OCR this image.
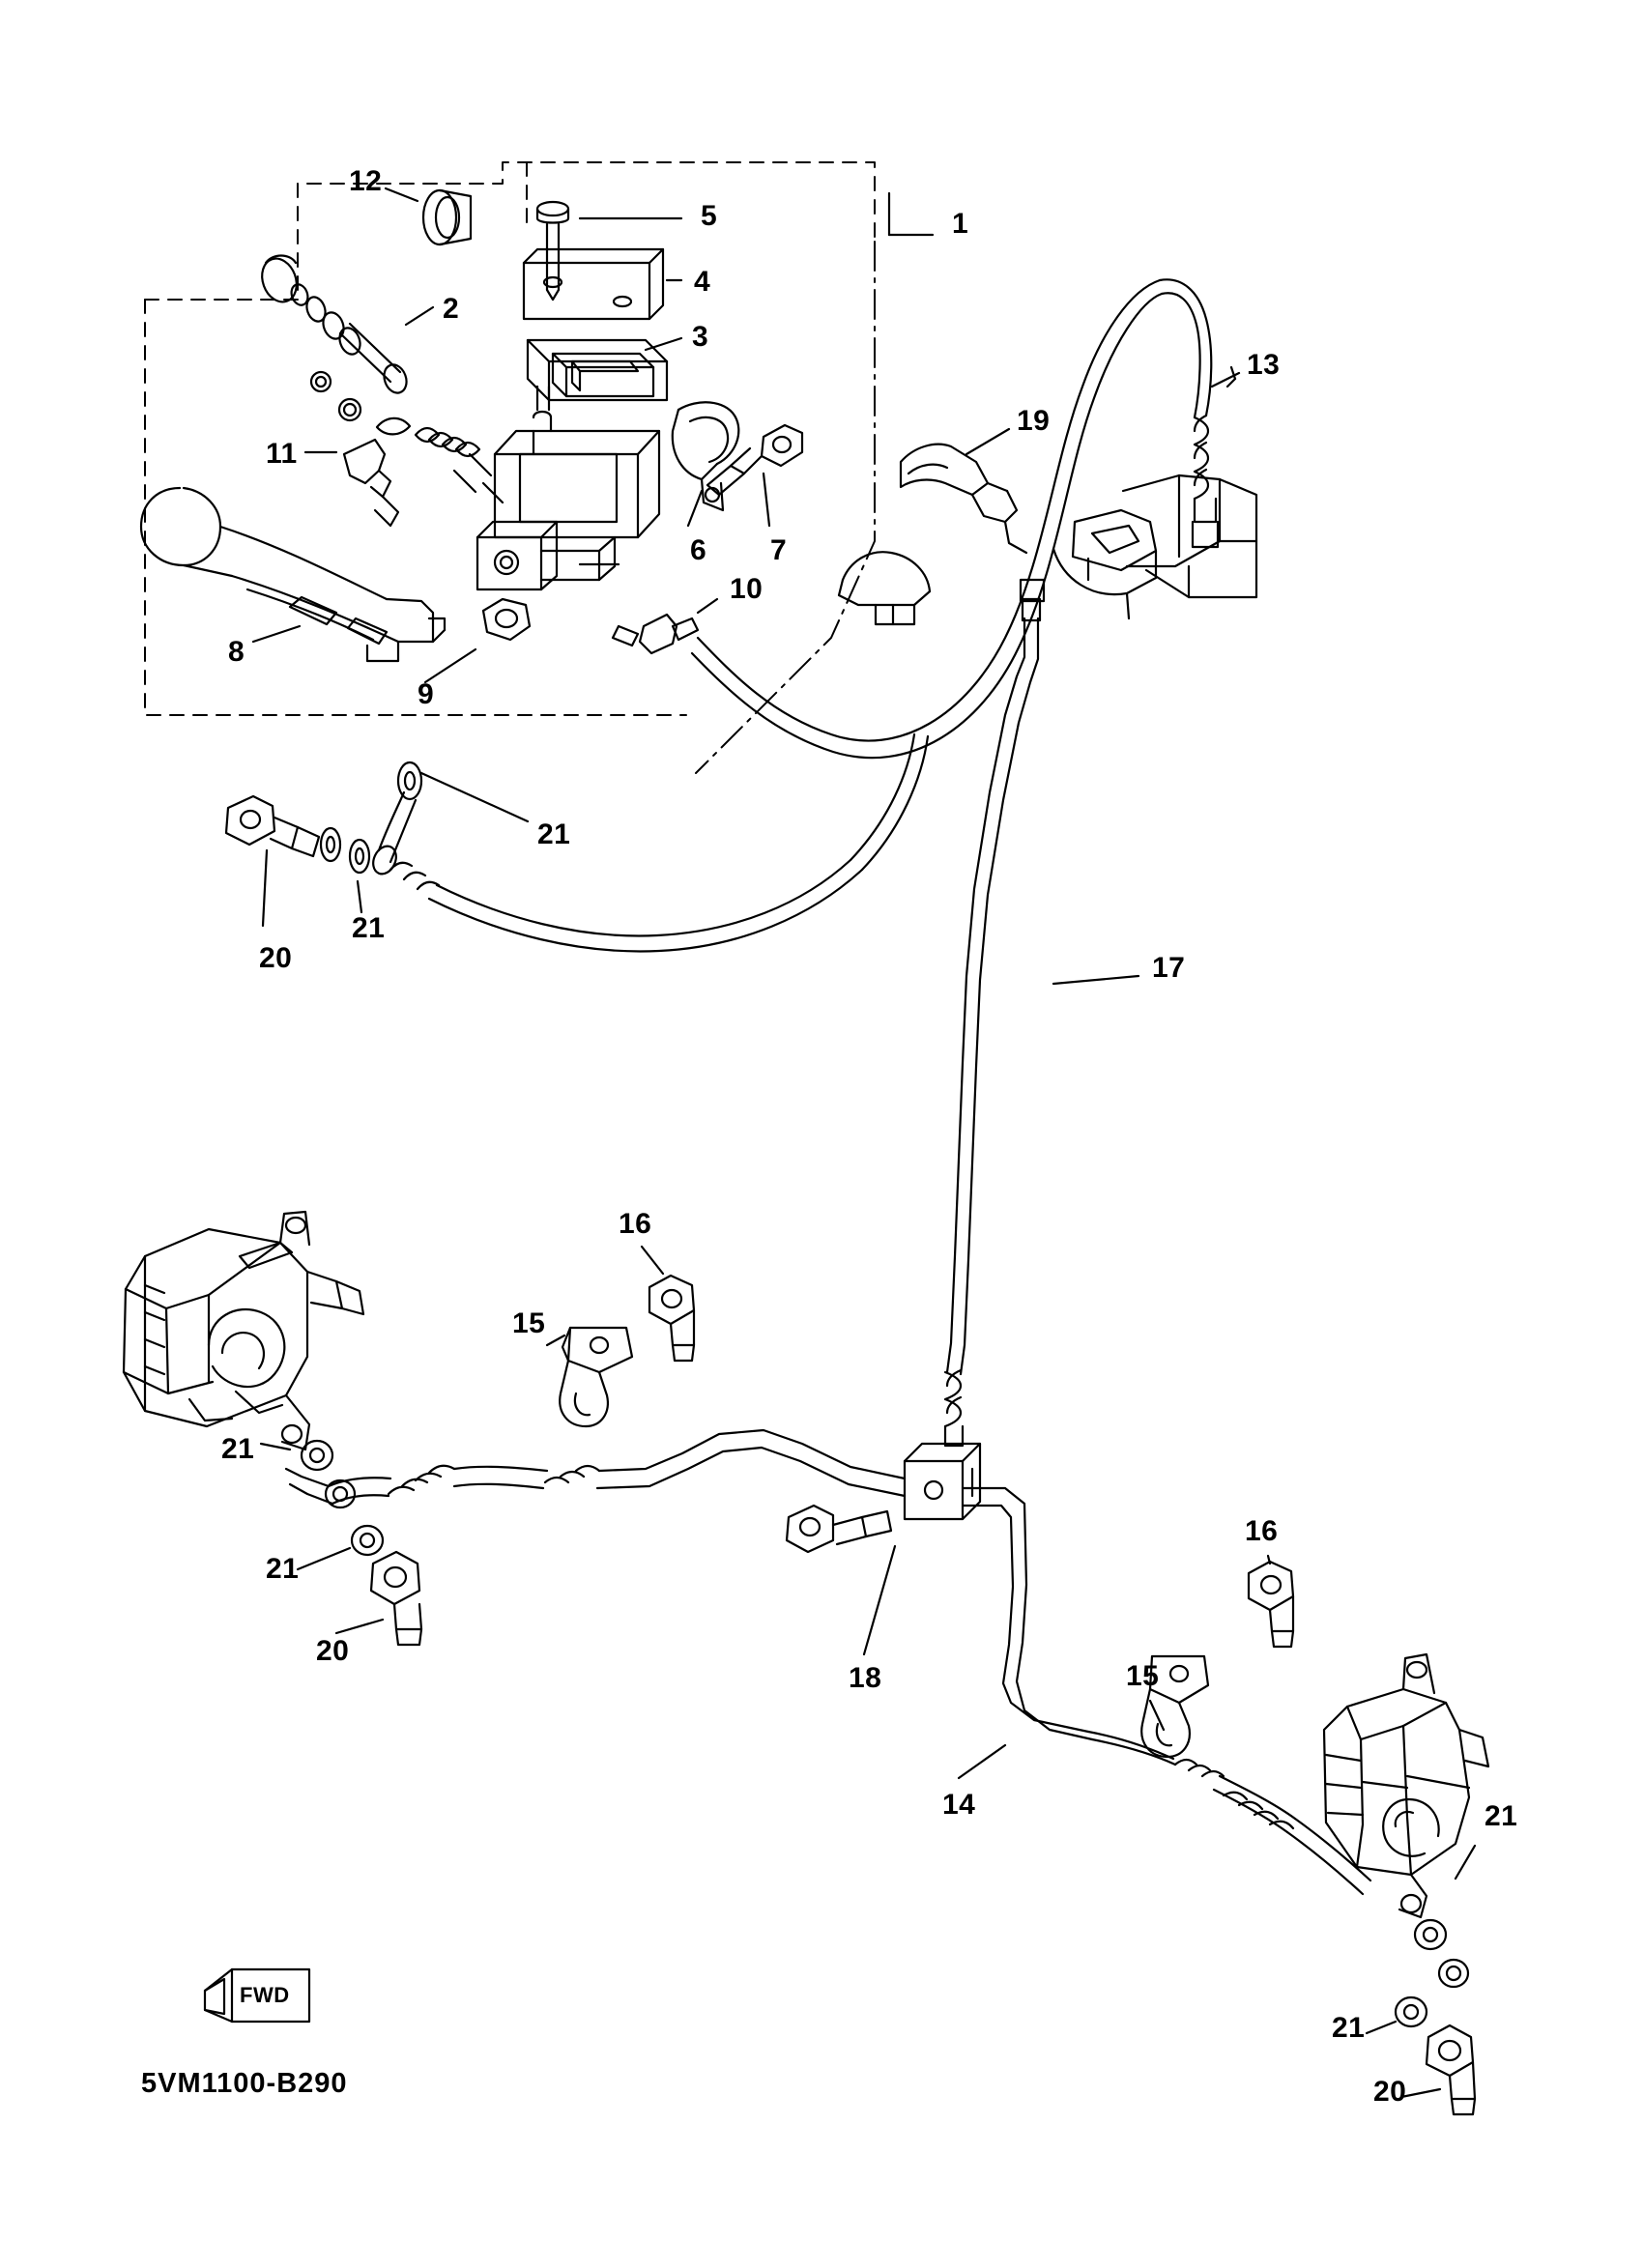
1
2
3
4
5
6 7
8
9
10
11
12
13
14
15
16
17
18
19
20
20
20
21
21
21
21
21
21
15
16
FWD
5VM1100-B290
